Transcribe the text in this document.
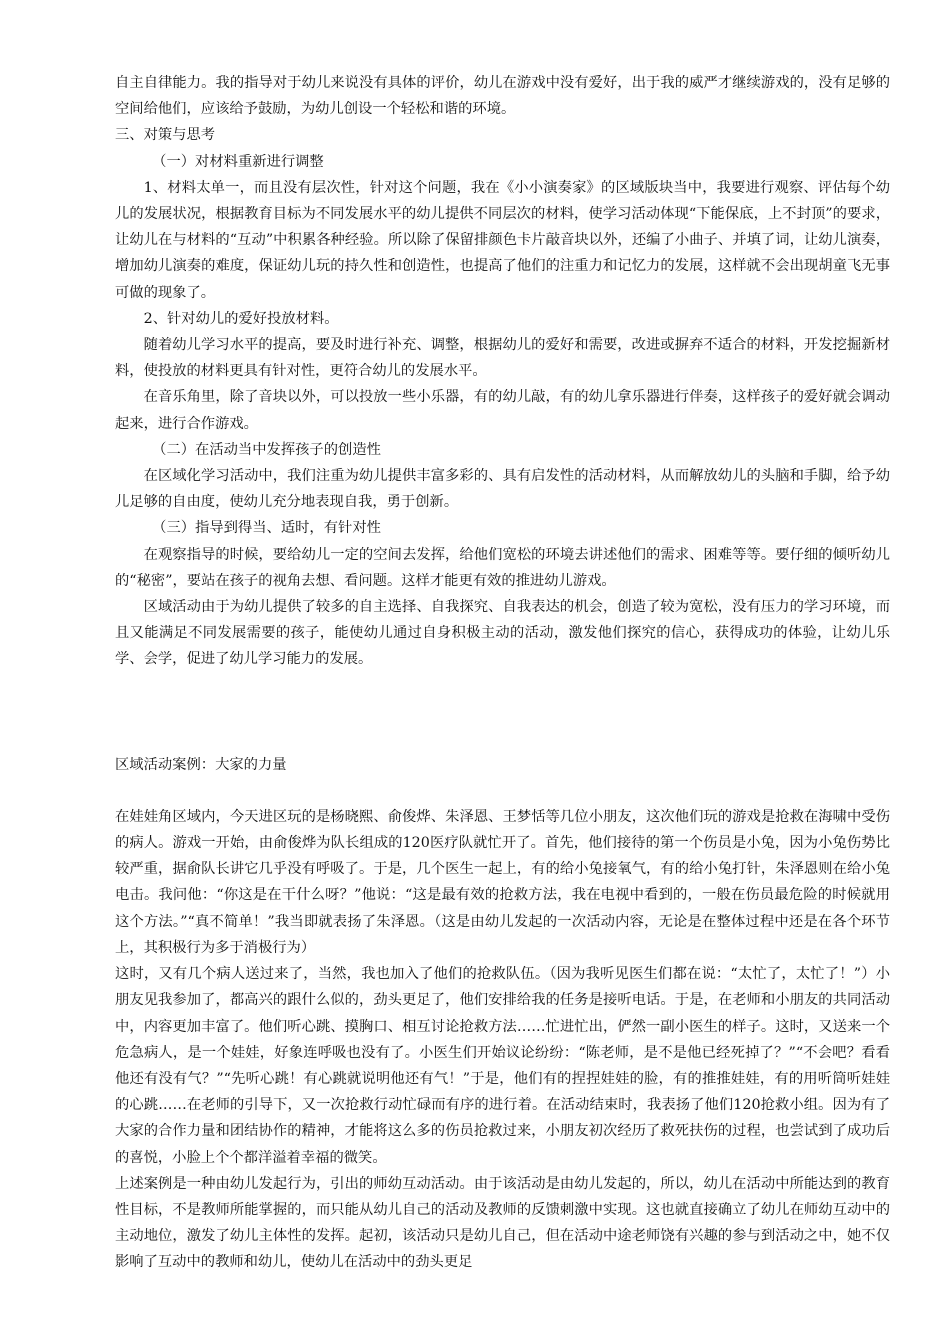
自主自律能力。我的指导对于幼儿来说没有具体的评价，幼儿在游戏中没有爱好，出于我的威严才继续游戏的，没有足够的空间给他们，应该给予鼓励，为幼儿创设一个轻松和谐的环境。

三、对策与思考

（一）对材料重新进行调整

1、材料太单一，而且没有层次性，针对这个问题，我在《小小演奏家》的区域版块当中，我要进行观察、评估每个幼儿的发展状况，根据教育目标为不同发展水平的幼儿提供不同层次的材料，使学习活动体现“下能保底，上不封顶”的要求，让幼儿在与材料的“互动”中积累各种经验。所以除了保留排颜色卡片敲音块以外，还编了小曲子、并填了词，让幼儿演奏，增加幼儿演奏的难度，保证幼儿玩的持久性和创造性，也提高了他们的注重力和记忆力的发展，这样就不会出现胡童飞无事可做的现象了。

2、针对幼儿的爱好投放材料。

随着幼儿学习水平的提高，要及时进行补充、调整，根据幼儿的爱好和需要，改进或摒弃不适合的材料，开发挖掘新材料，使投放的材料更具有针对性，更符合幼儿的发展水平。

在音乐角里，除了音块以外，可以投放一些小乐器，有的幼儿敲，有的幼儿拿乐器进行伴奏，这样孩子的爱好就会调动起来，进行合作游戏。

（二）在活动当中发挥孩子的创造性

在区域化学习活动中，我们注重为幼儿提供丰富多彩的、具有启发性的活动材料，从而解放幼儿的头脑和手脚，给予幼儿足够的自由度，使幼儿充分地表现自我，勇于创新。

（三）指导到得当、适时，有针对性

在观察指导的时候，要给幼儿一定的空间去发挥，给他们宽松的环境去讲述他们的需求、困难等等。要仔细的倾听幼儿的“秘密”，要站在孩子的视角去想、看问题。这样才能更有效的推进幼儿游戏。

区域活动由于为幼儿提供了较多的自主选择、自我探究、自我表达的机会，创造了较为宽松，没有压力的学习环境，而且又能满足不同发展需要的孩子，能使幼儿通过自身积极主动的活动，激发他们探究的信心，获得成功的体验，让幼儿乐学、会学，促进了幼儿学习能力的发展。

区域活动案例：大家的力量

在娃娃角区域内，今天进区玩的是杨晓熙、俞俊烨、朱泽恩、王梦恬等几位小朋友，这次他们玩的游戏是抢救在海啸中受伤的病人。游戏一开始，由俞俊烨为队长组成的120医疗队就忙开了。首先，他们接待的第一个伤员是小兔，因为小兔伤势比较严重，据俞队长讲它几乎没有呼吸了。于是，几个医生一起上，有的给小兔接氧气，有的给小兔打针，朱泽恩则在给小兔电击。我问他：“你这是在干什么呀？”他说：“这是最有效的抢救方法，我在电视中看到的，一般在伤员最危险的时候就用这个方法。”“真不简单！”我当即就表扬了朱泽恩。（这是由幼儿发起的一次活动内容，无论是在整体过程中还是在各个环节上，其积极行为多于消极行为）

这时，又有几个病人送过来了，当然，我也加入了他们的抢救队伍。（因为我听见医生们都在说：“太忙了，太忙了！”）小朋友见我参加了，都高兴的跟什么似的，劲头更足了，他们安排给我的任务是接听电话。于是，在老师和小朋友的共同活动中，内容更加丰富了。他们听心跳、摸胸口、相互讨论抢救方法……忙进忙出，俨然一副小医生的样子。这时，又送来一个危急病人，是一个娃娃，好象连呼吸也没有了。小医生们开始议论纷纷：“陈老师，是不是他已经死掉了？”“不会吧？看看他还有没有气？”“先听心跳！有心跳就说明他还有气！”于是，他们有的捏捏娃娃的脸，有的推推娃娃，有的用听筒听娃娃的心跳……在老师的引导下，又一次抢救行动忙碌而有序的进行着。在活动结束时，我表扬了他们120抢救小组。因为有了大家的合作力量和团结协作的精神，才能将这么多的伤员抢救过来，小朋友初次经历了救死扶伤的过程，也尝试到了成功后的喜悦，小脸上个个都洋溢着幸福的微笑。

上述案例是一种由幼儿发起行为，引出的师幼互动活动。由于该活动是由幼儿发起的，所以，幼儿在活动中所能达到的教育性目标，不是教师所能掌握的，而只能从幼儿自己的活动及教师的反馈刺激中实现。这也就直接确立了幼儿在师幼互动中的主动地位，激发了幼儿主体性的发挥。起初，该活动只是幼儿自己，但在活动中途老师饶有兴趣的参与到活动之中，她不仅影响了互动中的教师和幼儿，使幼儿在活动中的劲头更足
